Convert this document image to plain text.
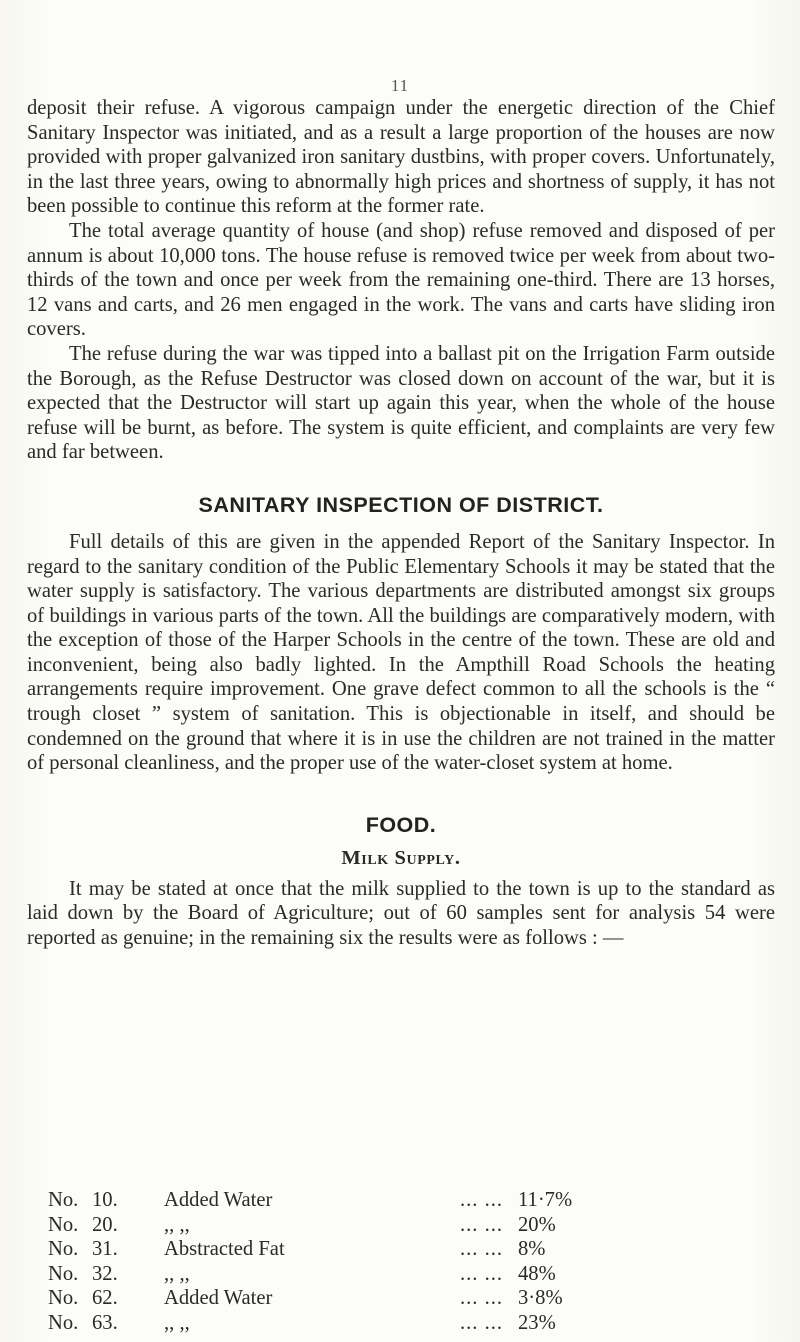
11

deposit their refuse. A vigorous campaign under the energetic direction of the Chief Sanitary Inspector was initiated, and as a result a large proportion of the houses are now provided with proper galvanized iron sanitary dustbins, with proper covers. Unfortunately, in the last three years, owing to abnormally high prices and shortness of supply, it has not been possible to continue this reform at the former rate.

The total average quantity of house (and shop) refuse removed and disposed of per annum is about 10,000 tons. The house refuse is removed twice per week from about two-thirds of the town and once per week from the remaining one-third. There are 13 horses, 12 vans and carts, and 26 men engaged in the work. The vans and carts have sliding iron covers.

The refuse during the war was tipped into a ballast pit on the Irrigation Farm outside the Borough, as the Refuse Destructor was closed down on account of the war, but it is expected that the Destructor will start up again this year, when the whole of the house refuse will be burnt, as before. The system is quite efficient, and complaints are very few and far between.

SANITARY INSPECTION OF DISTRICT.

Full details of this are given in the appended Report of the Sanitary Inspector. In regard to the sanitary condition of the Public Elementary Schools it may be stated that the water supply is satisfactory. The various departments are distributed amongst six groups of buildings in various parts of the town. All the buildings are comparatively modern, with the exception of those of the Harper Schools in the centre of the town. These are old and inconvenient, being also badly lighted. In the Ampthill Road Schools the heating arrangements require improvement. One grave defect common to all the schools is the “ trough closet ” system of sanitation. This is objectionable in itself, and should be condemned on the ground that where it is in use the children are not trained in the matter of personal cleanliness, and the proper use of the water-closet system at home.

FOOD.
Milk Supply.

It may be stated at once that the milk supplied to the town is up to the standard as laid down by the Board of Agriculture; out of 60 samples sent for analysis 54 were reported as genuine; in the remaining six the results were as follows : —

No. 10. Added Water	... ... 11·7%
No. 20. ,, ,,	... ... 20%
No. 31. Abstracted Fat	... ... 8%
No. 32. ,, ,,	... ... 48%
No. 62. Added Water	... ... 3·8%
No. 63. ,, ,,	... ... 23%
